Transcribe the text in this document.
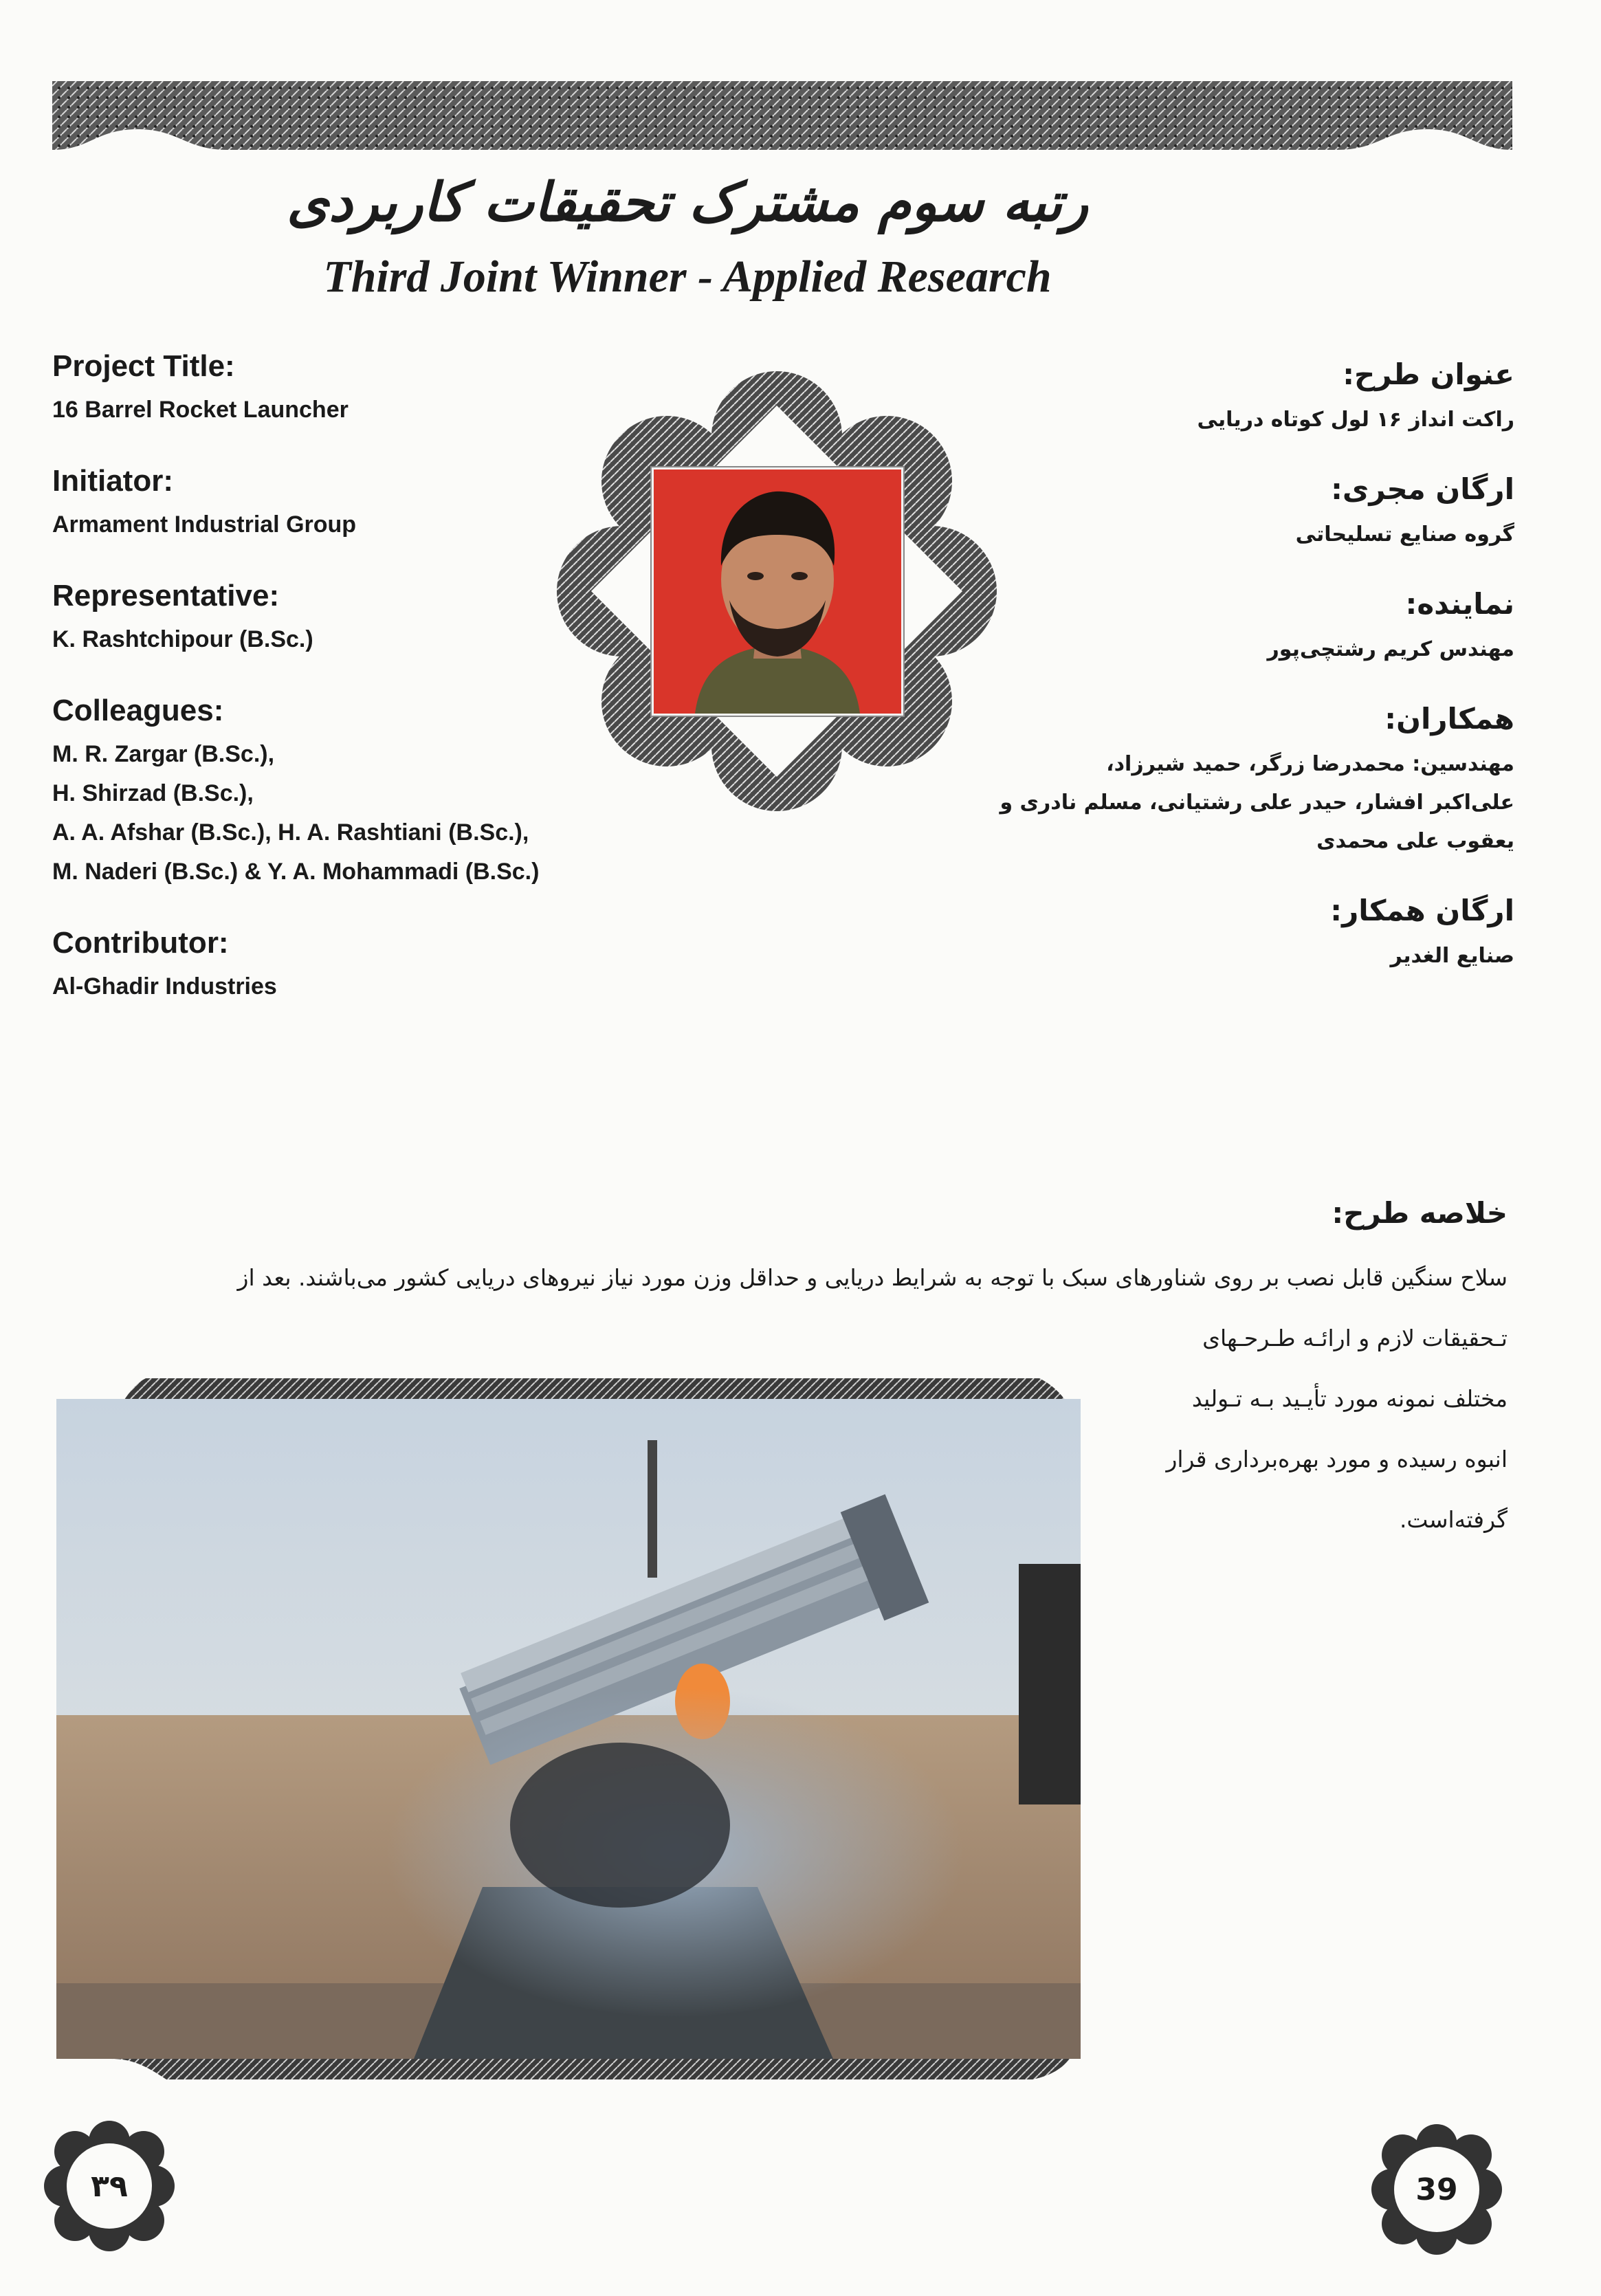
رتبه سوم مشترک تحقیقات کاربردی
Third Joint Winner - Applied Research

Project Title:

16 Barrel Rocket Launcher

Initiator:

Armament Industrial Group

Representative:

K. Rashtchipour (B.Sc.)

Colleagues:

M. R. Zargar (B.Sc.),

H. Shirzad (B.Sc.),

A. A. Afshar (B.Sc.), H. A. Rashtiani (B.Sc.),

M. Naderi (B.Sc.) & Y. A. Mohammadi (B.Sc.)

Contributor:

Al-Ghadir Industries

عنوان طرح:

راکت انداز ۱۶ لول کوتاه دریایی

ارگان مجری:

گروه صنایع تسلیحاتی

نماینده:

مهندس کریم رشتچی‌پور

همکاران:

مهندسین: محمدرضا زرگر، حمید شیرزاد،

علی‌اکبر افشار، حیدر علی رشتیانی، مسلم نادری و

یعقوب علی محمدی

ارگان همکار:

صنایع الغدیر

خلاصه طرح:
سلاح سنگین قابل نصب بر روی شناورهای سبک با توجه به شرایط دریایی و حداقل وزن مورد نیاز نیروهای دریایی کشور می‌باشند. بعد از
تـحقیقات لازم و ارائـه طـرحـهای
مختلف نمونه مورد تأیـید بـه تـولید
انبوه رسیده و مورد بهره‌برداری قرار
گرفته‌است.
۳۹	39
